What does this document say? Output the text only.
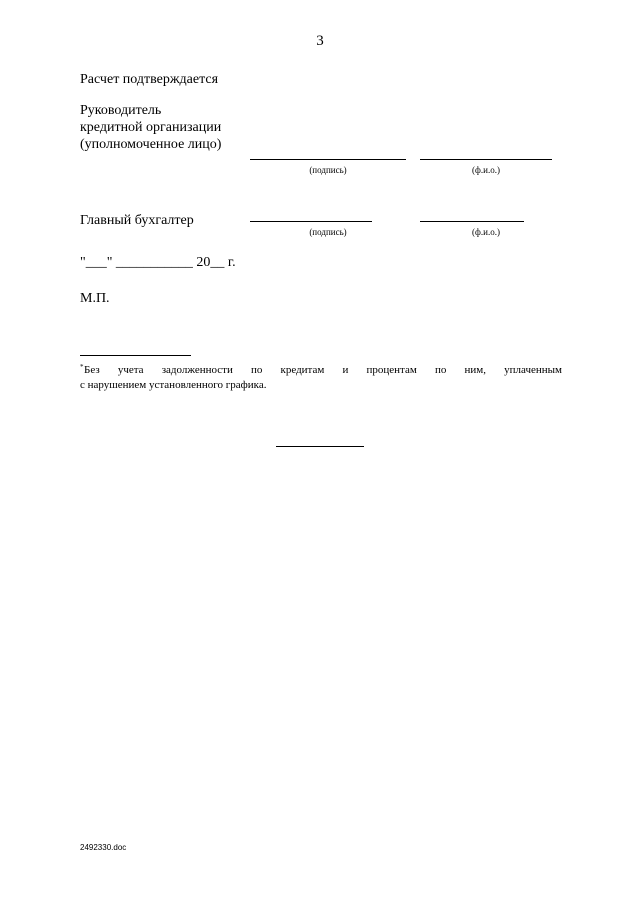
3
Расчет подтверждается
Руководитель
кредитной организации
(уполномоченное лицо)
(подпись)	(ф.и.о.)
Главный бухгалтер
(подпись)	(ф.и.о.)
"___" ___________ 20__ г.
М.П.
* Без учета задолженности по кредитам и процентам по ним, уплаченным
с нарушением установленного графика.
2492330.doc
